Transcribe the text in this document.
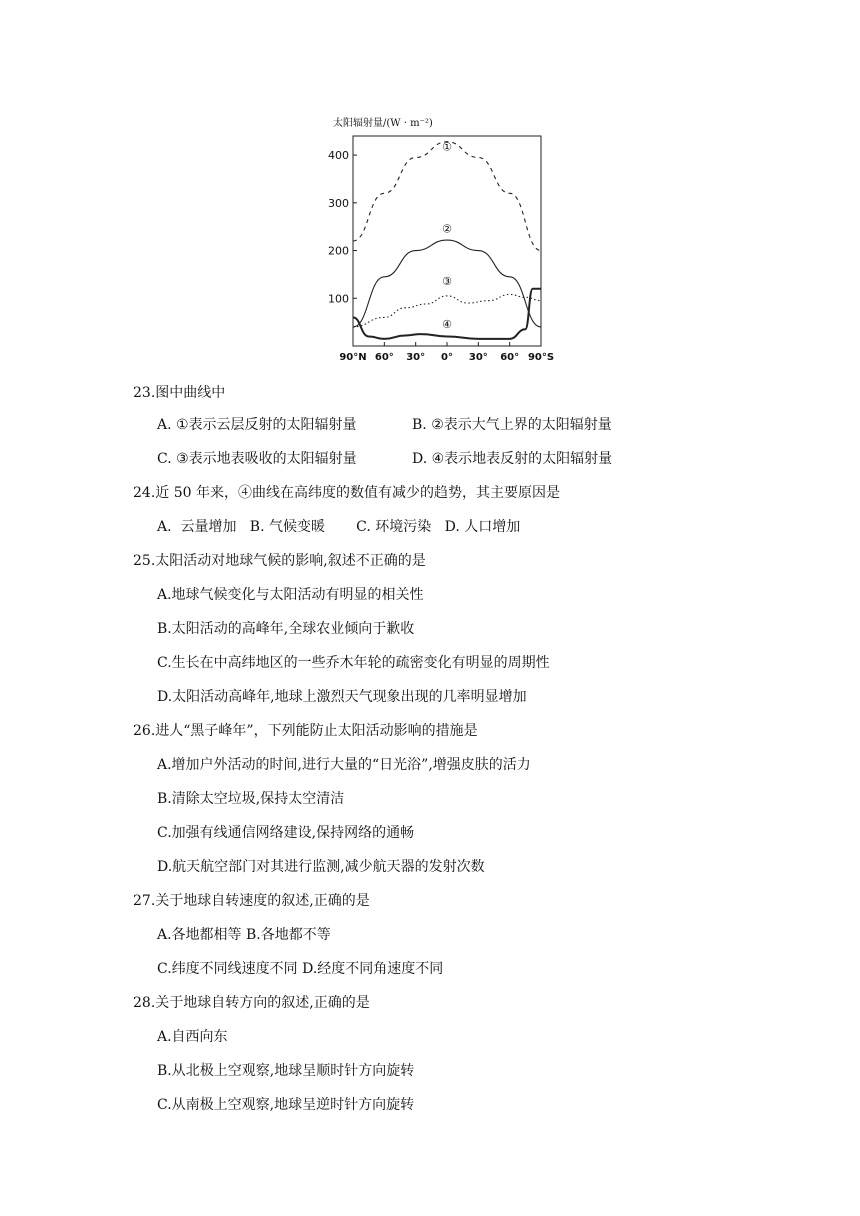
太阳辐射量/(W · m⁻²)
400
300
200
100
90°N 60° 30° 0° 30° 60° 90°S
①
②
③
④
23.图中曲线中
A. ①表示云层反射的太阳辐射量	B. ②表示大气上界的太阳辐射量
C. ③表示地表吸收的太阳辐射量	D. ④表示地表反射的太阳辐射量
24.近 50 年来，④曲线在高纬度的数值有减少的趋势，其主要原因是
A.  云量增加   B. 气候变暖       C. 环境污染   D. 人口增加
25.太阳活动对地球气候的影响,叙述不正确的是
A.地球气候变化与太阳活动有明显的相关性
B.太阳活动的高峰年,全球农业倾向于歉收
C.生长在中高纬地区的一些乔木年轮的疏密变化有明显的周期性
D.太阳活动高峰年,地球上激烈天气现象出现的几率明显增加
26.进人“黑子峰年”，下列能防止太阳活动影响的措施是
A.增加户外活动的时间,进行大量的“日光浴”,增强皮肤的活力
B.清除太空垃圾,保持太空清洁
C.加强有线通信网络建设,保持网络的通畅
D.航天航空部门对其进行监测,减少航天器的发射次数
27.关于地球自转速度的叙述,正确的是
A.各地都相等 B.各地都不等
C.纬度不同线速度不同 D.经度不同角速度不同
28.关于地球自转方向的叙述,正确的是
A.自西向东
B.从北极上空观察,地球呈顺时针方向旋转
C.从南极上空观察,地球呈逆时针方向旋转
